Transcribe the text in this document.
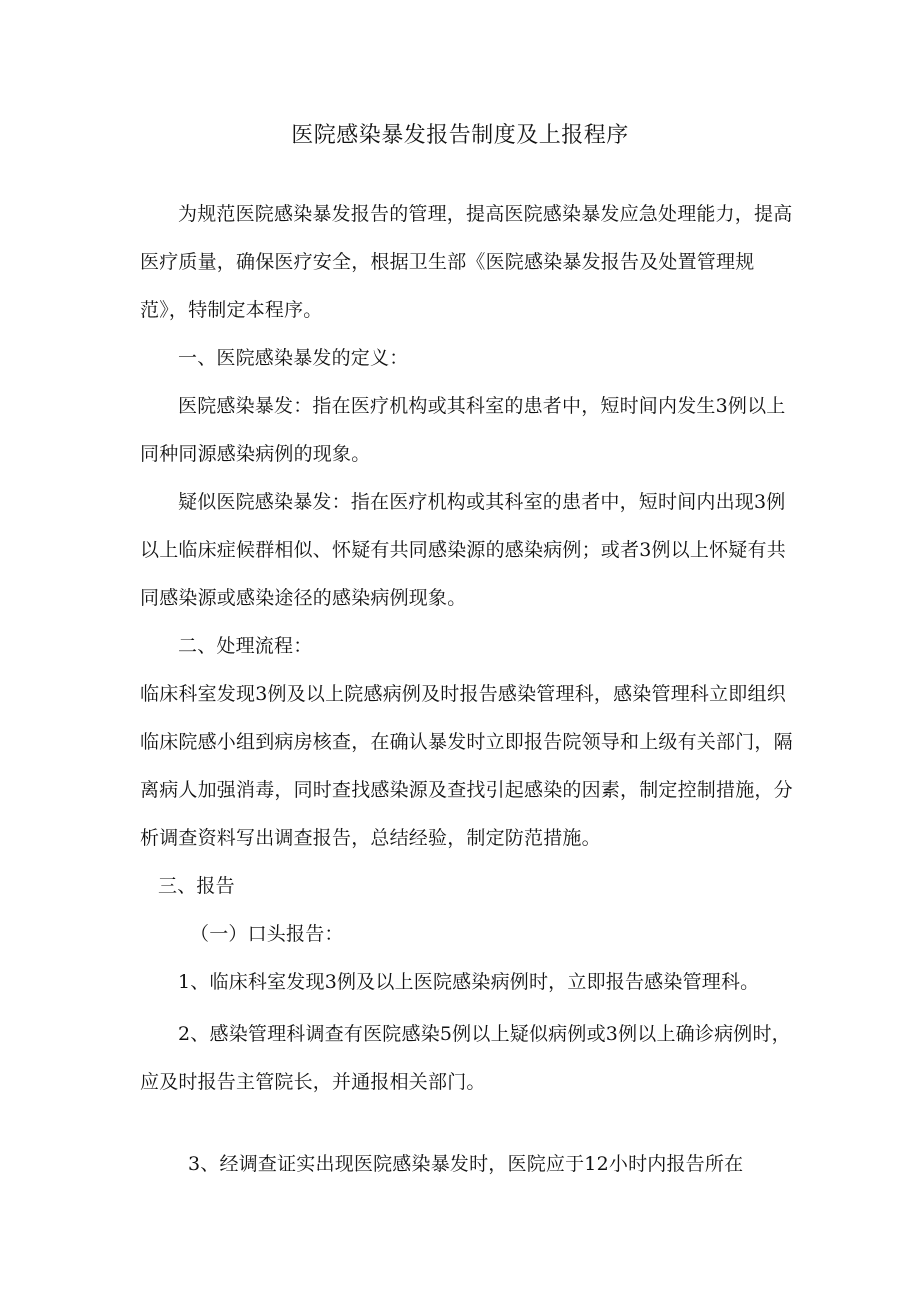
医院感染暴发报告制度及上报程序
为规范医院感染暴发报告的管理，提高医院感染暴发应急处理能力，提高医疗质量，确保医疗安全，根据卫生部《医院感染暴发报告及处置管理规范》，特制定本程序。
一、医院感染暴发的定义：
医院感染暴发：指在医疗机构或其科室的患者中，短时间内发生3例以上同种同源感染病例的现象。
疑似医院感染暴发：指在医疗机构或其科室的患者中，短时间内出现3例以上临床症候群相似、怀疑有共同感染源的感染病例；或者3例以上怀疑有共同感染源或感染途径的感染病例现象。
二、处理流程：
临床科室发现3例及以上院感病例及时报告感染管理科，感染管理科立即组织临床院感小组到病房核查，在确认暴发时立即报告院领导和上级有关部门，隔离病人加强消毒，同时查找感染源及查找引起感染的因素，制定控制措施，分析调查资料写出调查报告，总结经验，制定防范措施。
三、报告
（一）口头报告：
1、临床科室发现3例及以上医院感染病例时，立即报告感染管理科。
2、感染管理科调查有医院感染5例以上疑似病例或3例以上确诊病例时，应及时报告主管院长，并通报相关部门。
3、经调查证实出现医院感染暴发时，医院应于12小时内报告所在
